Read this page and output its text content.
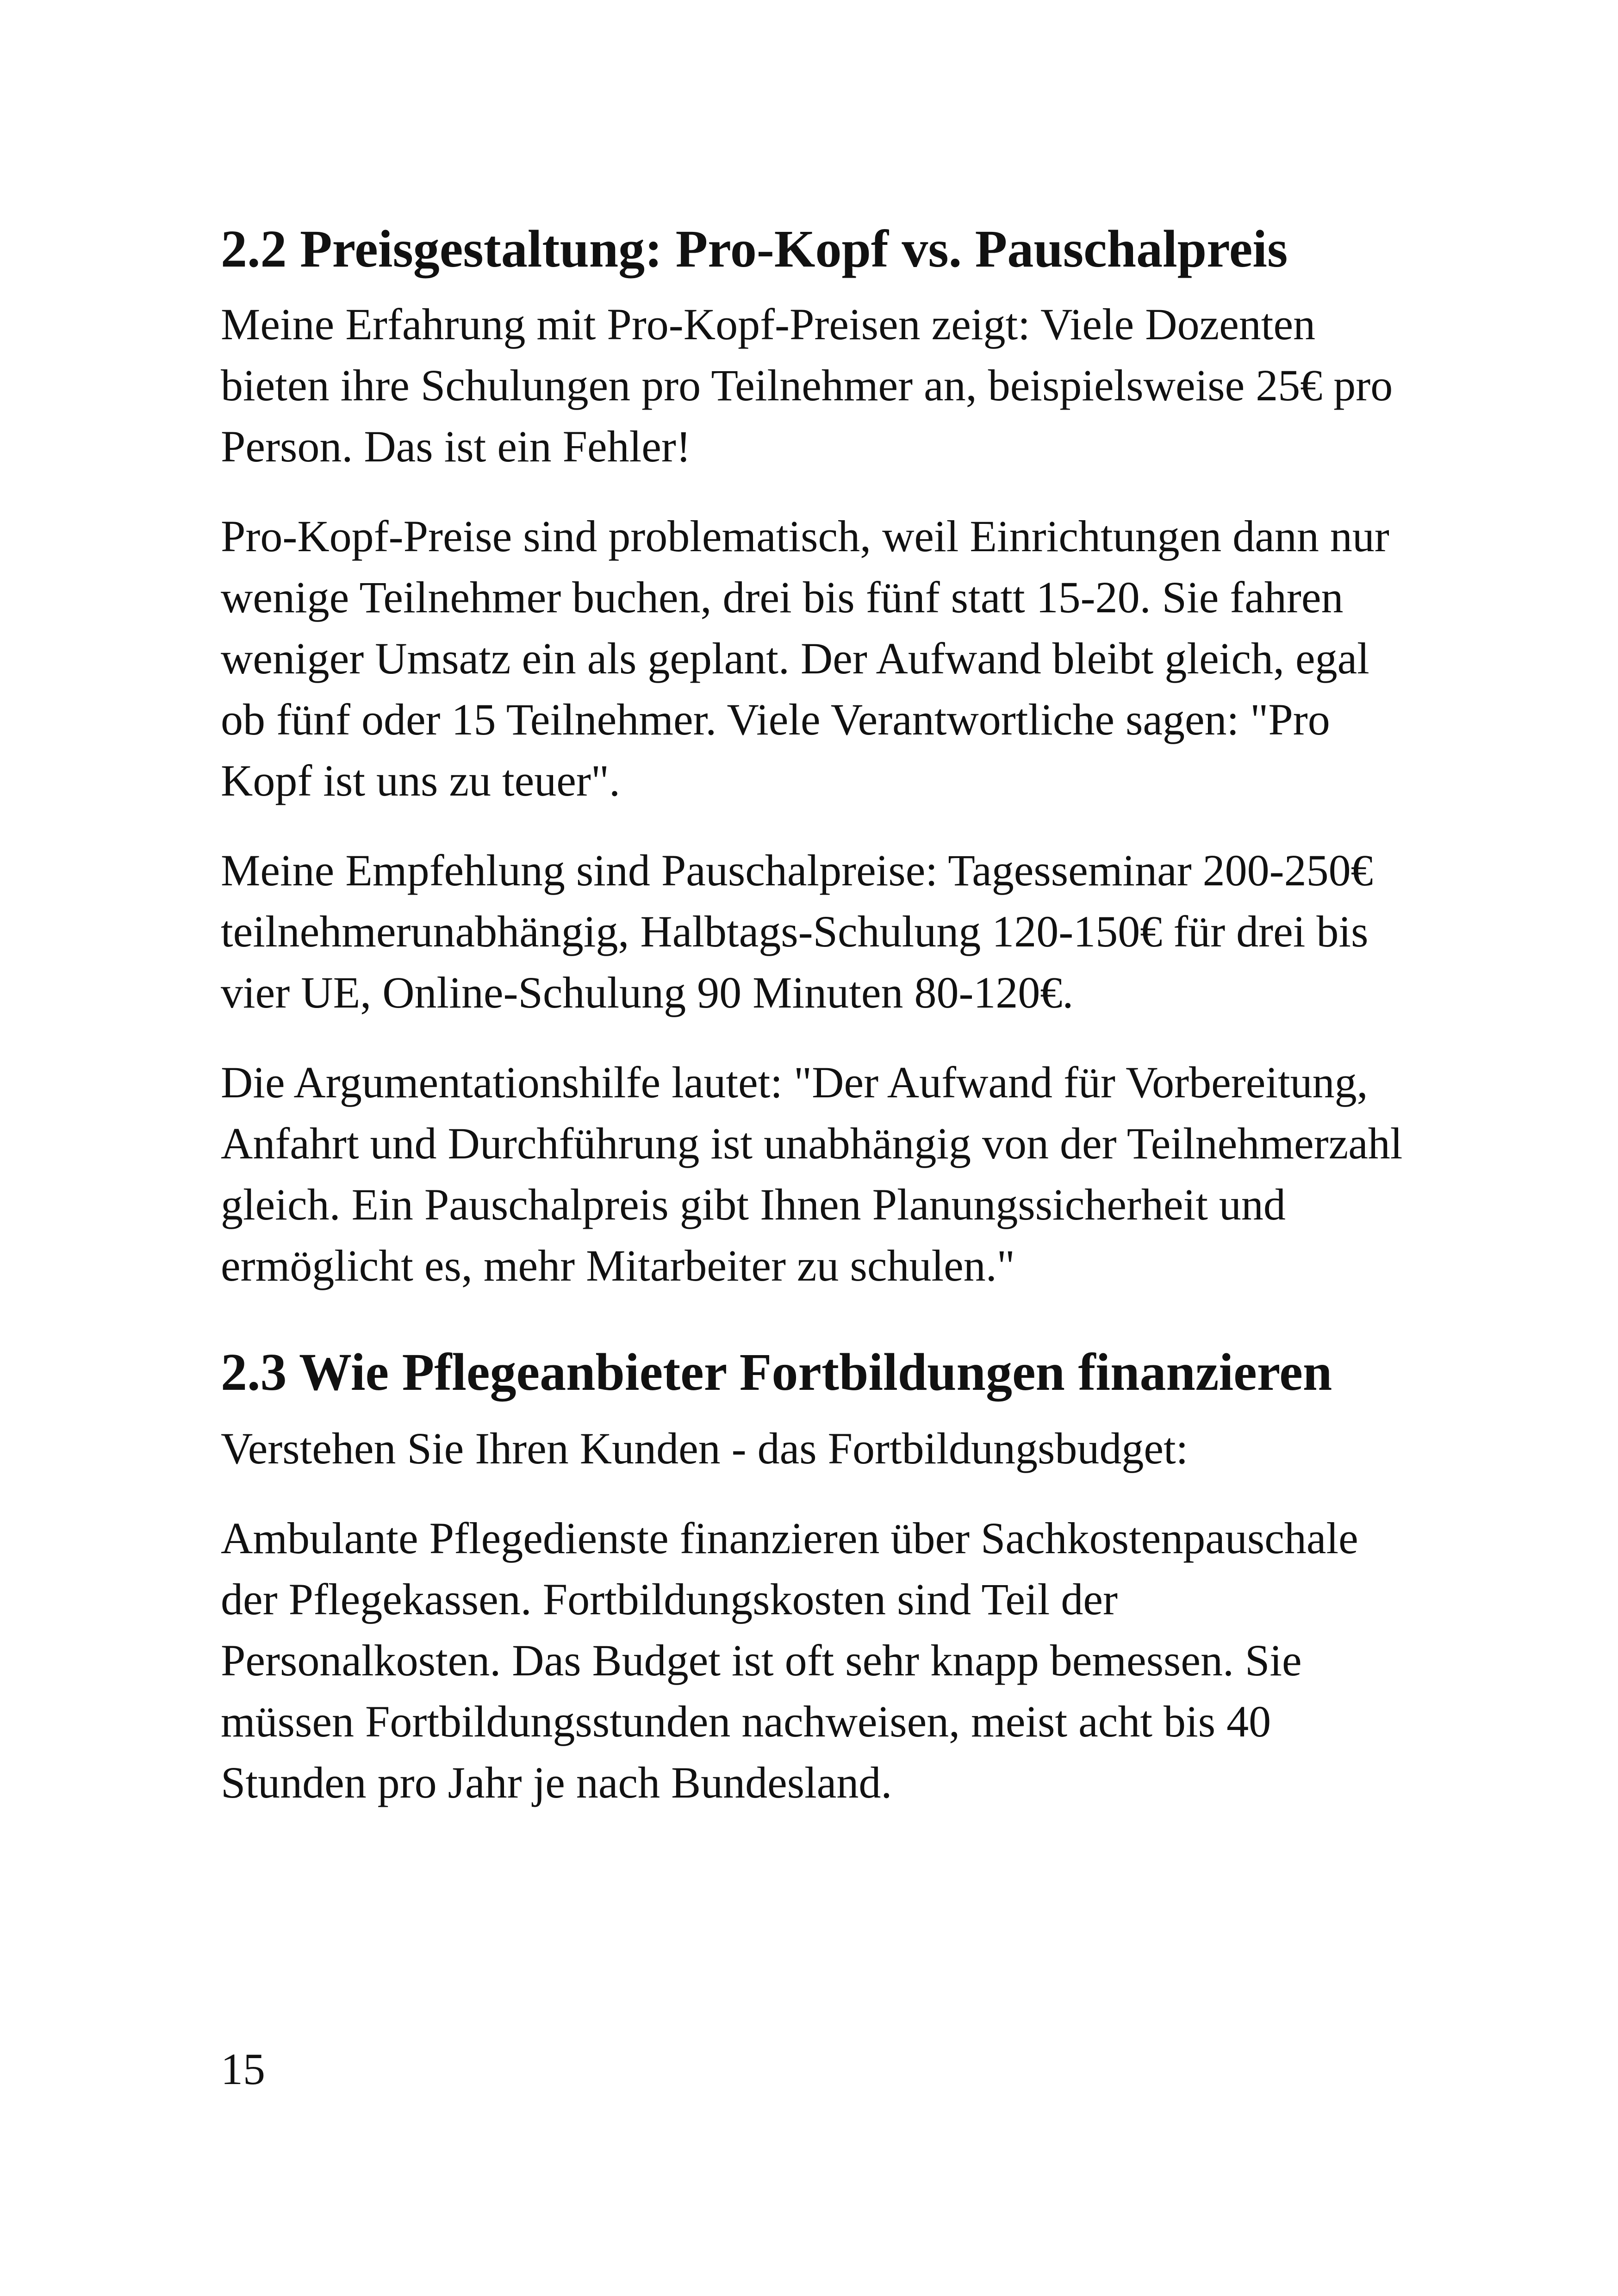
2.2 Preisgestaltung: Pro-Kopf vs. Pauschalpreis

Meine Erfahrung mit Pro-Kopf-Preisen zeigt: Viele Dozenten bieten ihre Schulungen pro Teilnehmer an, beispielsweise 25€ pro Person. Das ist ein Fehler!

Pro-Kopf-Preise sind problematisch, weil Einrichtungen dann nur wenige Teilnehmer buchen, drei bis fünf statt 15-20. Sie fahren weniger Umsatz ein als geplant. Der Aufwand bleibt gleich, egal ob fünf oder 15 Teilnehmer. Viele Verantwortliche sagen: "Pro Kopf ist uns zu teuer".

Meine Empfehlung sind Pauschalpreise: Tagesseminar 200-250€ teilnehmerunabhängig, Halbtags-Schulung 120-150€ für drei bis vier UE, Online-Schulung 90 Minuten 80-120€.

Die Argumentationshilfe lautet: "Der Aufwand für Vorbereitung, Anfahrt und Durchführung ist unabhängig von der Teilnehmerzahl gleich. Ein Pauschalpreis gibt Ihnen Planungssicherheit und ermöglicht es, mehr Mitarbeiter zu schulen."

2.3 Wie Pflegeanbieter Fortbildungen finanzieren

Verstehen Sie Ihren Kunden - das Fortbildungsbudget:

Ambulante Pflegedienste finanzieren über Sachkostenpauschale der Pflegekassen. Fortbildungskosten sind Teil der Personalkosten. Das Budget ist oft sehr knapp bemessen. Sie müssen Fortbildungsstunden nachweisen, meist acht bis 40 Stunden pro Jahr je nach Bundesland.

15
